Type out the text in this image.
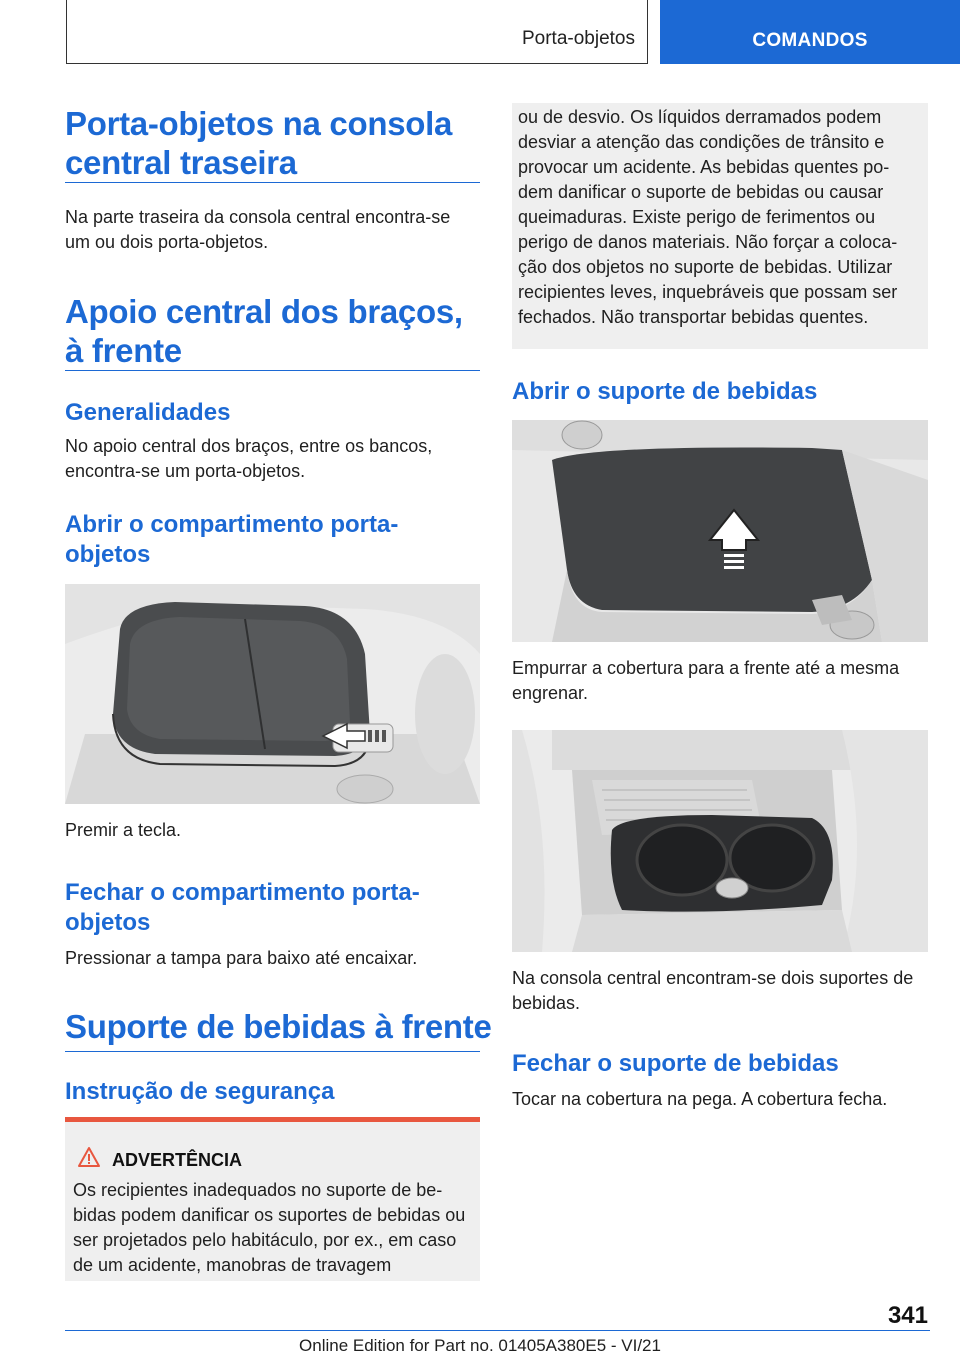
Porta-objetos	COMANDOS
Porta-objetos na consola central traseira

Na parte traseira da consola central encontra-se um ou dois porta-objetos.

Apoio central dos braços, à frente
Generalidades

No apoio central dos braços, entre os bancos, encontra-se um porta-objetos.

Abrir o compartimento porta-objetos

Premir a tecla.

Fechar o compartimento porta-objetos

Pressionar a tampa para baixo até encaixar.

Suporte de bebidas à frente
Instrução de segurança
ADVERTÊNCIA

Os recipientes inadequados no suporte de be-bidas podem danificar os suportes de bebidas ou ser projetados pelo habitáculo, por ex., em caso de um acidente, manobras de travagem

ou de desvio. Os líquidos derramados podem desviar a atenção das condições de trânsito e provocar um acidente. As bebidas quentes po-dem danificar o suporte de bebidas ou causar queimaduras. Existe perigo de ferimentos ou perigo de danos materiais. Não forçar a coloca-ção dos objetos no suporte de bebidas. Utilizar recipientes leves, inquebráveis que possam ser fechados. Não transportar bebidas quentes.

Abrir o suporte de bebidas

Empurrar a cobertura para a frente até a mesma engrenar.

Na consola central encontram-se dois suportes de bebidas.

Fechar o suporte de bebidas

Tocar na cobertura na pega. A cobertura fecha.

341
Online Edition for Part no. 01405A380E5 - VI/21
